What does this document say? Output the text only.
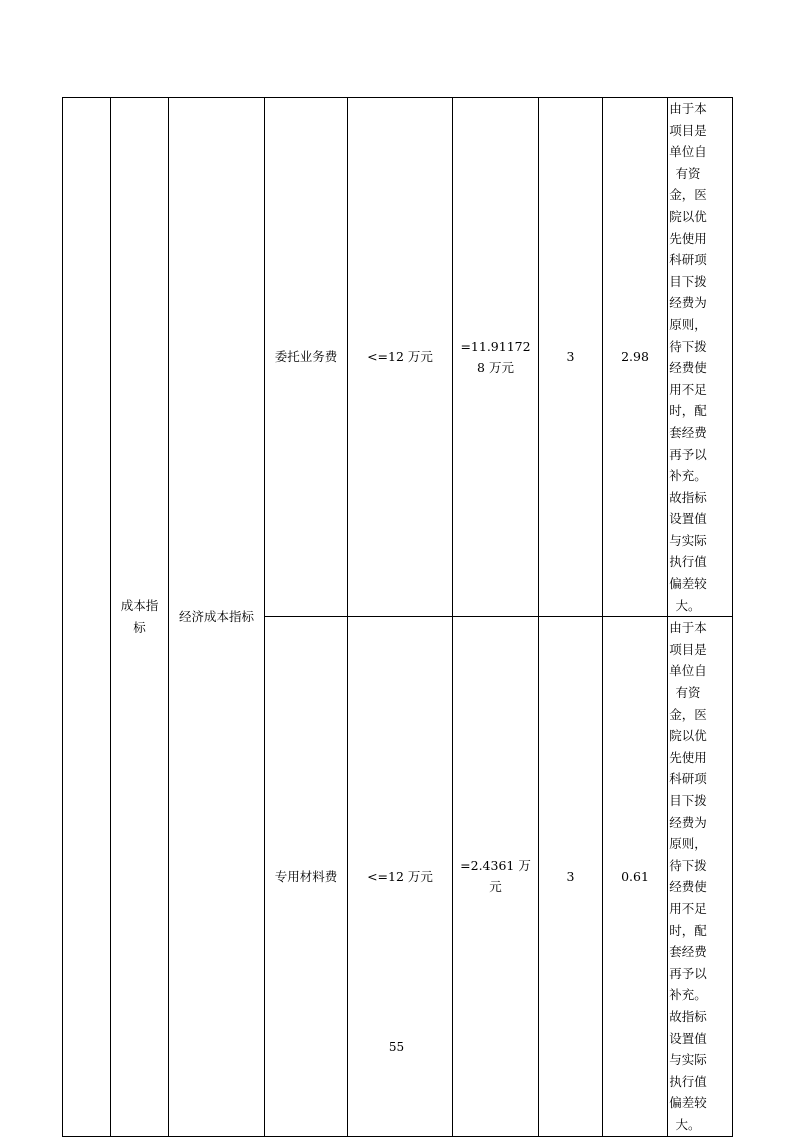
	成本指标	经济成本指标	委托业务费	<=12 万元	=11.911728 万元	3	2.98	由于本项目是单位自有资金，医院以优先使用科研项目下拨经费为原则，待下拨经费使用不足时，配套经费再予以补充。故指标设置值与实际执行值偏差较大。

			专用材料费	<=12 万元	=2.4361 万元	3	0.61	由于本项目是单位自有资金，医院以优先使用科研项目下拨经费为原则，待下拨经费使用不足时，配套经费再予以补充。故指标设置值与实际执行值偏差较大。
55
